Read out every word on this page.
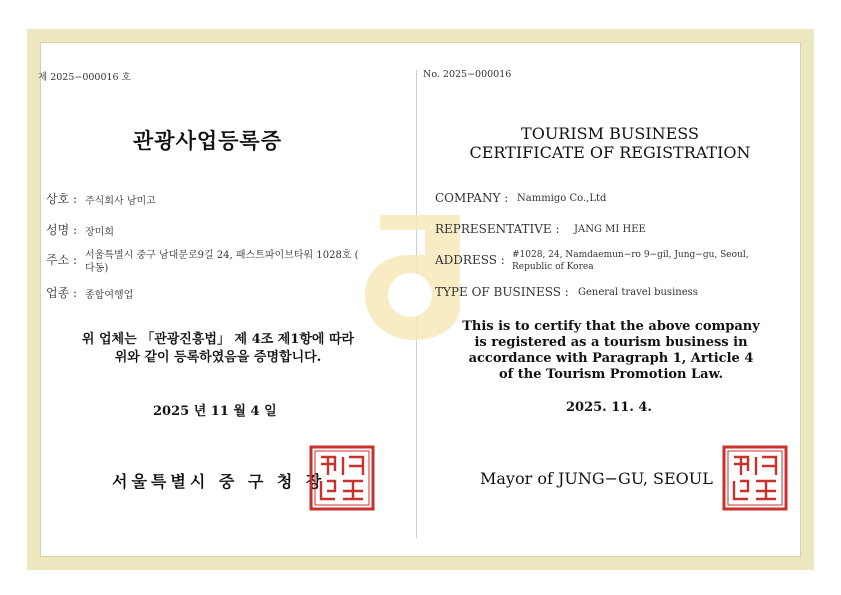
제 2025−000016 호
관광사업등록증
상호 : 주식회사 남미고
성명 : 장미희
주소 : 서울특별시 중구 남대문로9길 24, 패스트파이브타워 1028호 (
다동)
업종 : 종합여행업
위 업체는 「관광진흥법」 제 4조 제1항에 따라
위와 같이 등록하였음을 증명합니다.
2025 년 11 월 4 일
서울특별시 중 구 청 장
No. 2025−000016
TOURISM BUSINESS
CERTIFICATE OF REGISTRATION
COMPANY : Nammigo Co.,Ltd
REPRESENTATIVE : JANG MI HEE
ADDRESS : #1028, 24, Namdaemun−ro 9−gil, Jung−gu, Seoul,
Republic of Korea
TYPE OF BUSINESS : General travel business
This is to certify that the above company
is registered as a tourism business in
accordance with Paragraph 1, Article 4
of the Tourism Promotion Law.
2025. 11. 4.
Mayor of JUNG−GU, SEOUL
